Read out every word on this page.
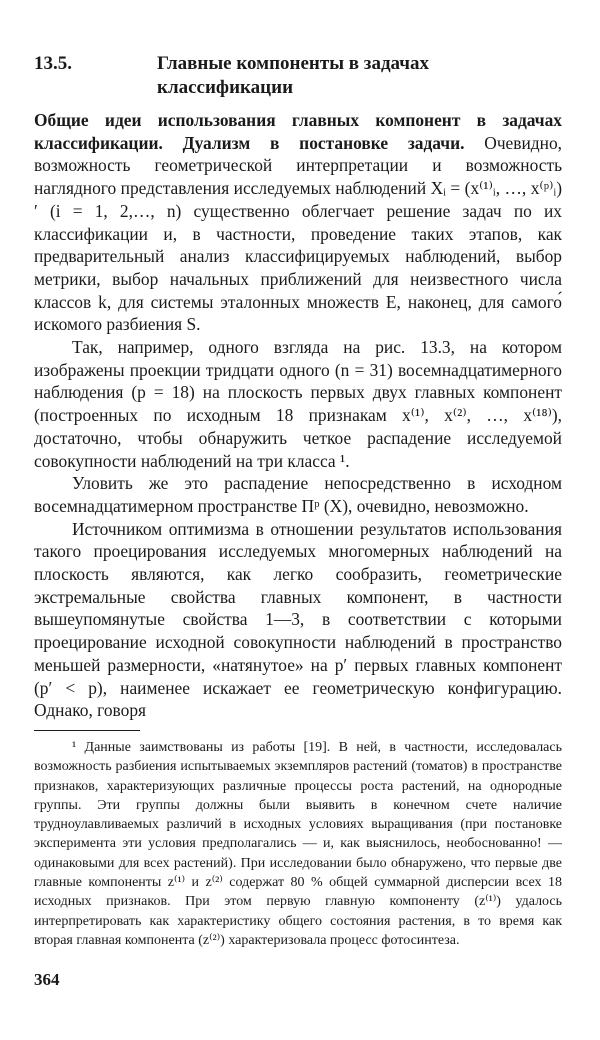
13.5.	Главные компоненты в задачах классификации

Общие идеи использования главных компонент в задачах классификации. Дуализм в постановке задачи. Очевидно, возможность геометрической интерпретации и возможность наглядного представления исследуемых наблюдений Xᵢ = (x⁽¹⁾ᵢ, …, x⁽ᵖ⁾ᵢ)′ (i = 1, 2,…, n) существенно облегчает решение задач по их классификации и, в частности, проведение таких этапов, как предварительный анализ классифицируемых наблюдений, выбор метрики, выбор начальных приближений для неизвестного числа классов k, для системы эталонных множеств E, наконец, для самого́ искомого разбиения S.

Так, например, одного взгляда на рис. 13.3, на котором изображены проекции тридцати одного (n = 31) восемнадцатимерного наблюдения (p = 18) на плоскость первых двух главных компонент (построенных по исходным 18 признакам x⁽¹⁾, x⁽²⁾, …, x⁽¹⁸⁾), достаточно, чтобы обнаружить четкое распадение исследуемой совокупности наблюдений на три класса ¹.

Уловить же это распадение непосредственно в исходном восемнадцатимерном пространстве Пᵖ (X), очевидно, невозможно.

Источником оптимизма в отношении результатов использования такого проецирования исследуемых многомерных наблюдений на плоскость являются, как легко сообразить, геометрические экстремальные свойства главных компонент, в частности вышеупомянутые свойства 1—3, в соответствии с которыми проецирование исходной совокупности наблюдений в пространство меньшей размерности, «натянутое» на p′ первых главных компонент (p′ < p), наименее искажает ее геометрическую конфигурацию. Однако, говоря

¹ Данные заимствованы из работы [19]. В ней, в частности, исследовалась возможность разбиения испытываемых экземпляров растений (томатов) в пространстве признаков, характеризующих различные процессы роста растений, на однородные группы. Эти группы должны были выявить в конечном счете наличие трудноулавливаемых различий в исходных условиях выращивания (при постановке эксперимента эти условия предполагались — и, как выяснилось, необоснованно! — одинаковыми для всех растений). При исследовании было обнаружено, что первые две главные компоненты z⁽¹⁾ и z⁽²⁾ содержат 80 % общей суммарной дисперсии всех 18 исходных признаков. При этом первую главную компоненту (z⁽¹⁾) удалось интерпретировать как характеристику общего состояния растения, в то время как вторая главная компонента (z⁽²⁾) характеризовала процесс фотосинтеза.

364
